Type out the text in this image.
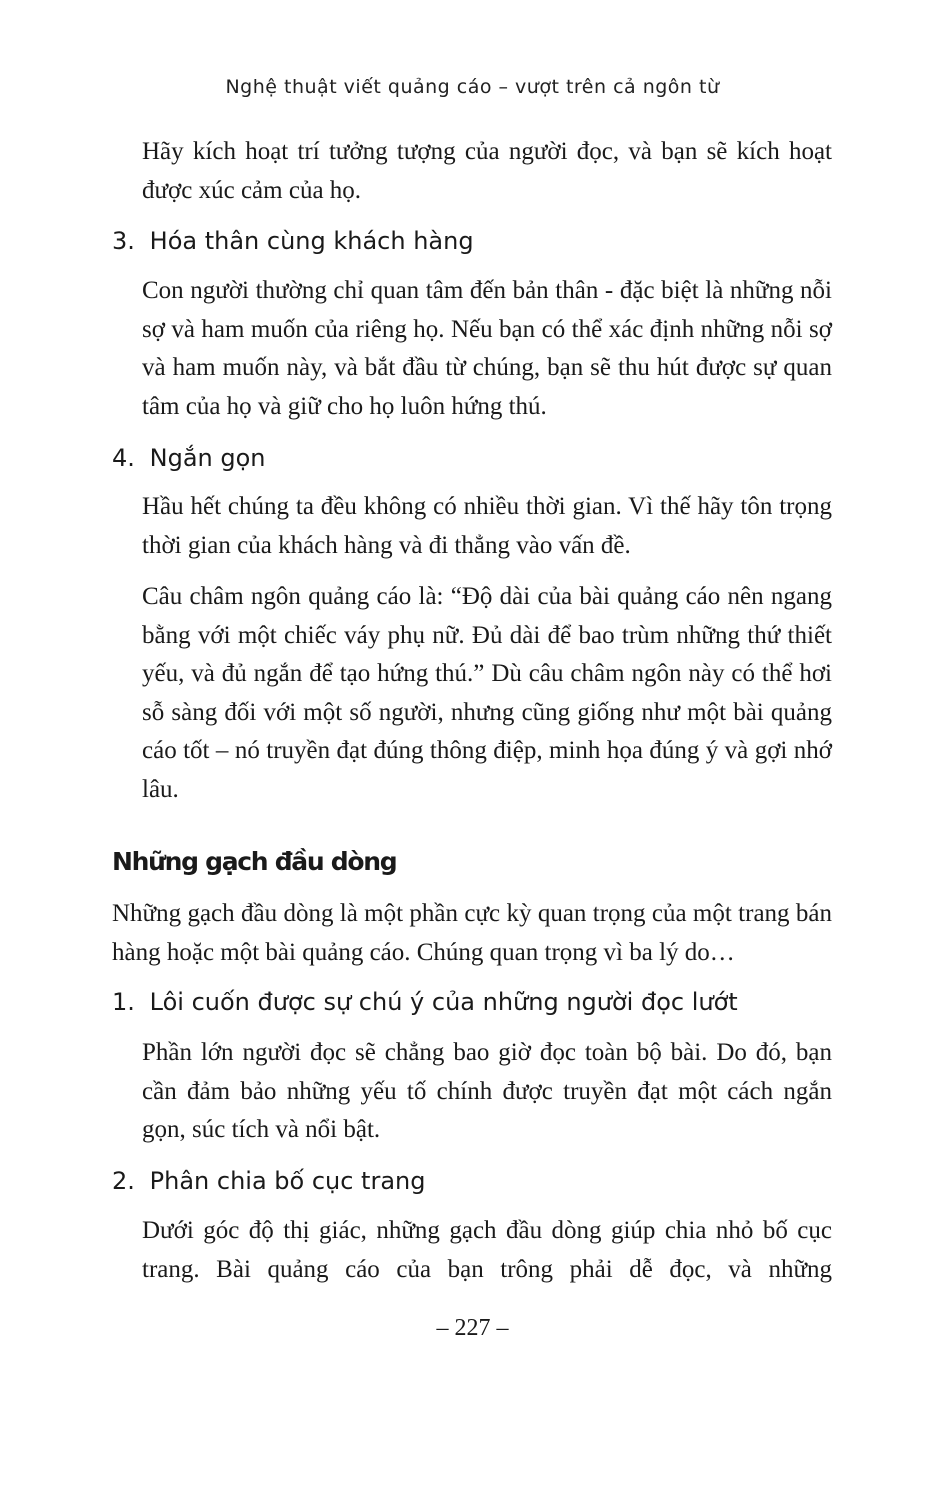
Nghệ thuật viết quảng cáo – vượt trên cả ngôn từ

Hãy kích hoạt trí tưởng tượng của người đọc, và bạn sẽ kích hoạt được xúc cảm của họ.

3. Hóa thân cùng khách hàng

Con người thường chỉ quan tâm đến bản thân - đặc biệt là những nỗi sợ và ham muốn của riêng họ. Nếu bạn có thể xác định những nỗi sợ và ham muốn này, và bắt đầu từ chúng, bạn sẽ thu hút được sự quan tâm của họ và giữ cho họ luôn hứng thú.

4. Ngắn gọn

Hầu hết chúng ta đều không có nhiều thời gian. Vì thế hãy tôn trọng thời gian của khách hàng và đi thẳng vào vấn đề.

Câu châm ngôn quảng cáo là: “Độ dài của bài quảng cáo nên ngang bằng với một chiếc váy phụ nữ. Đủ dài để bao trùm những thứ thiết yếu, và đủ ngắn để tạo hứng thú.” Dù câu châm ngôn này có thể hơi sỗ sàng đối với một số người, nhưng cũng giống như một bài quảng cáo tốt – nó truyền đạt đúng thông điệp, minh họa đúng ý và gợi nhớ lâu.

Những gạch đầu dòng

Những gạch đầu dòng là một phần cực kỳ quan trọng của một trang bán hàng hoặc một bài quảng cáo. Chúng quan trọng vì ba lý do…

1. Lôi cuốn được sự chú ý của những người đọc lướt

Phần lớn người đọc sẽ chẳng bao giờ đọc toàn bộ bài. Do đó, bạn cần đảm bảo những yếu tố chính được truyền đạt một cách ngắn gọn, súc tích và nổi bật.

2. Phân chia bố cục trang

Dưới góc độ thị giác, những gạch đầu dòng giúp chia nhỏ bố cục trang. Bài quảng cáo của bạn trông phải dễ đọc, và những

– 227 –
